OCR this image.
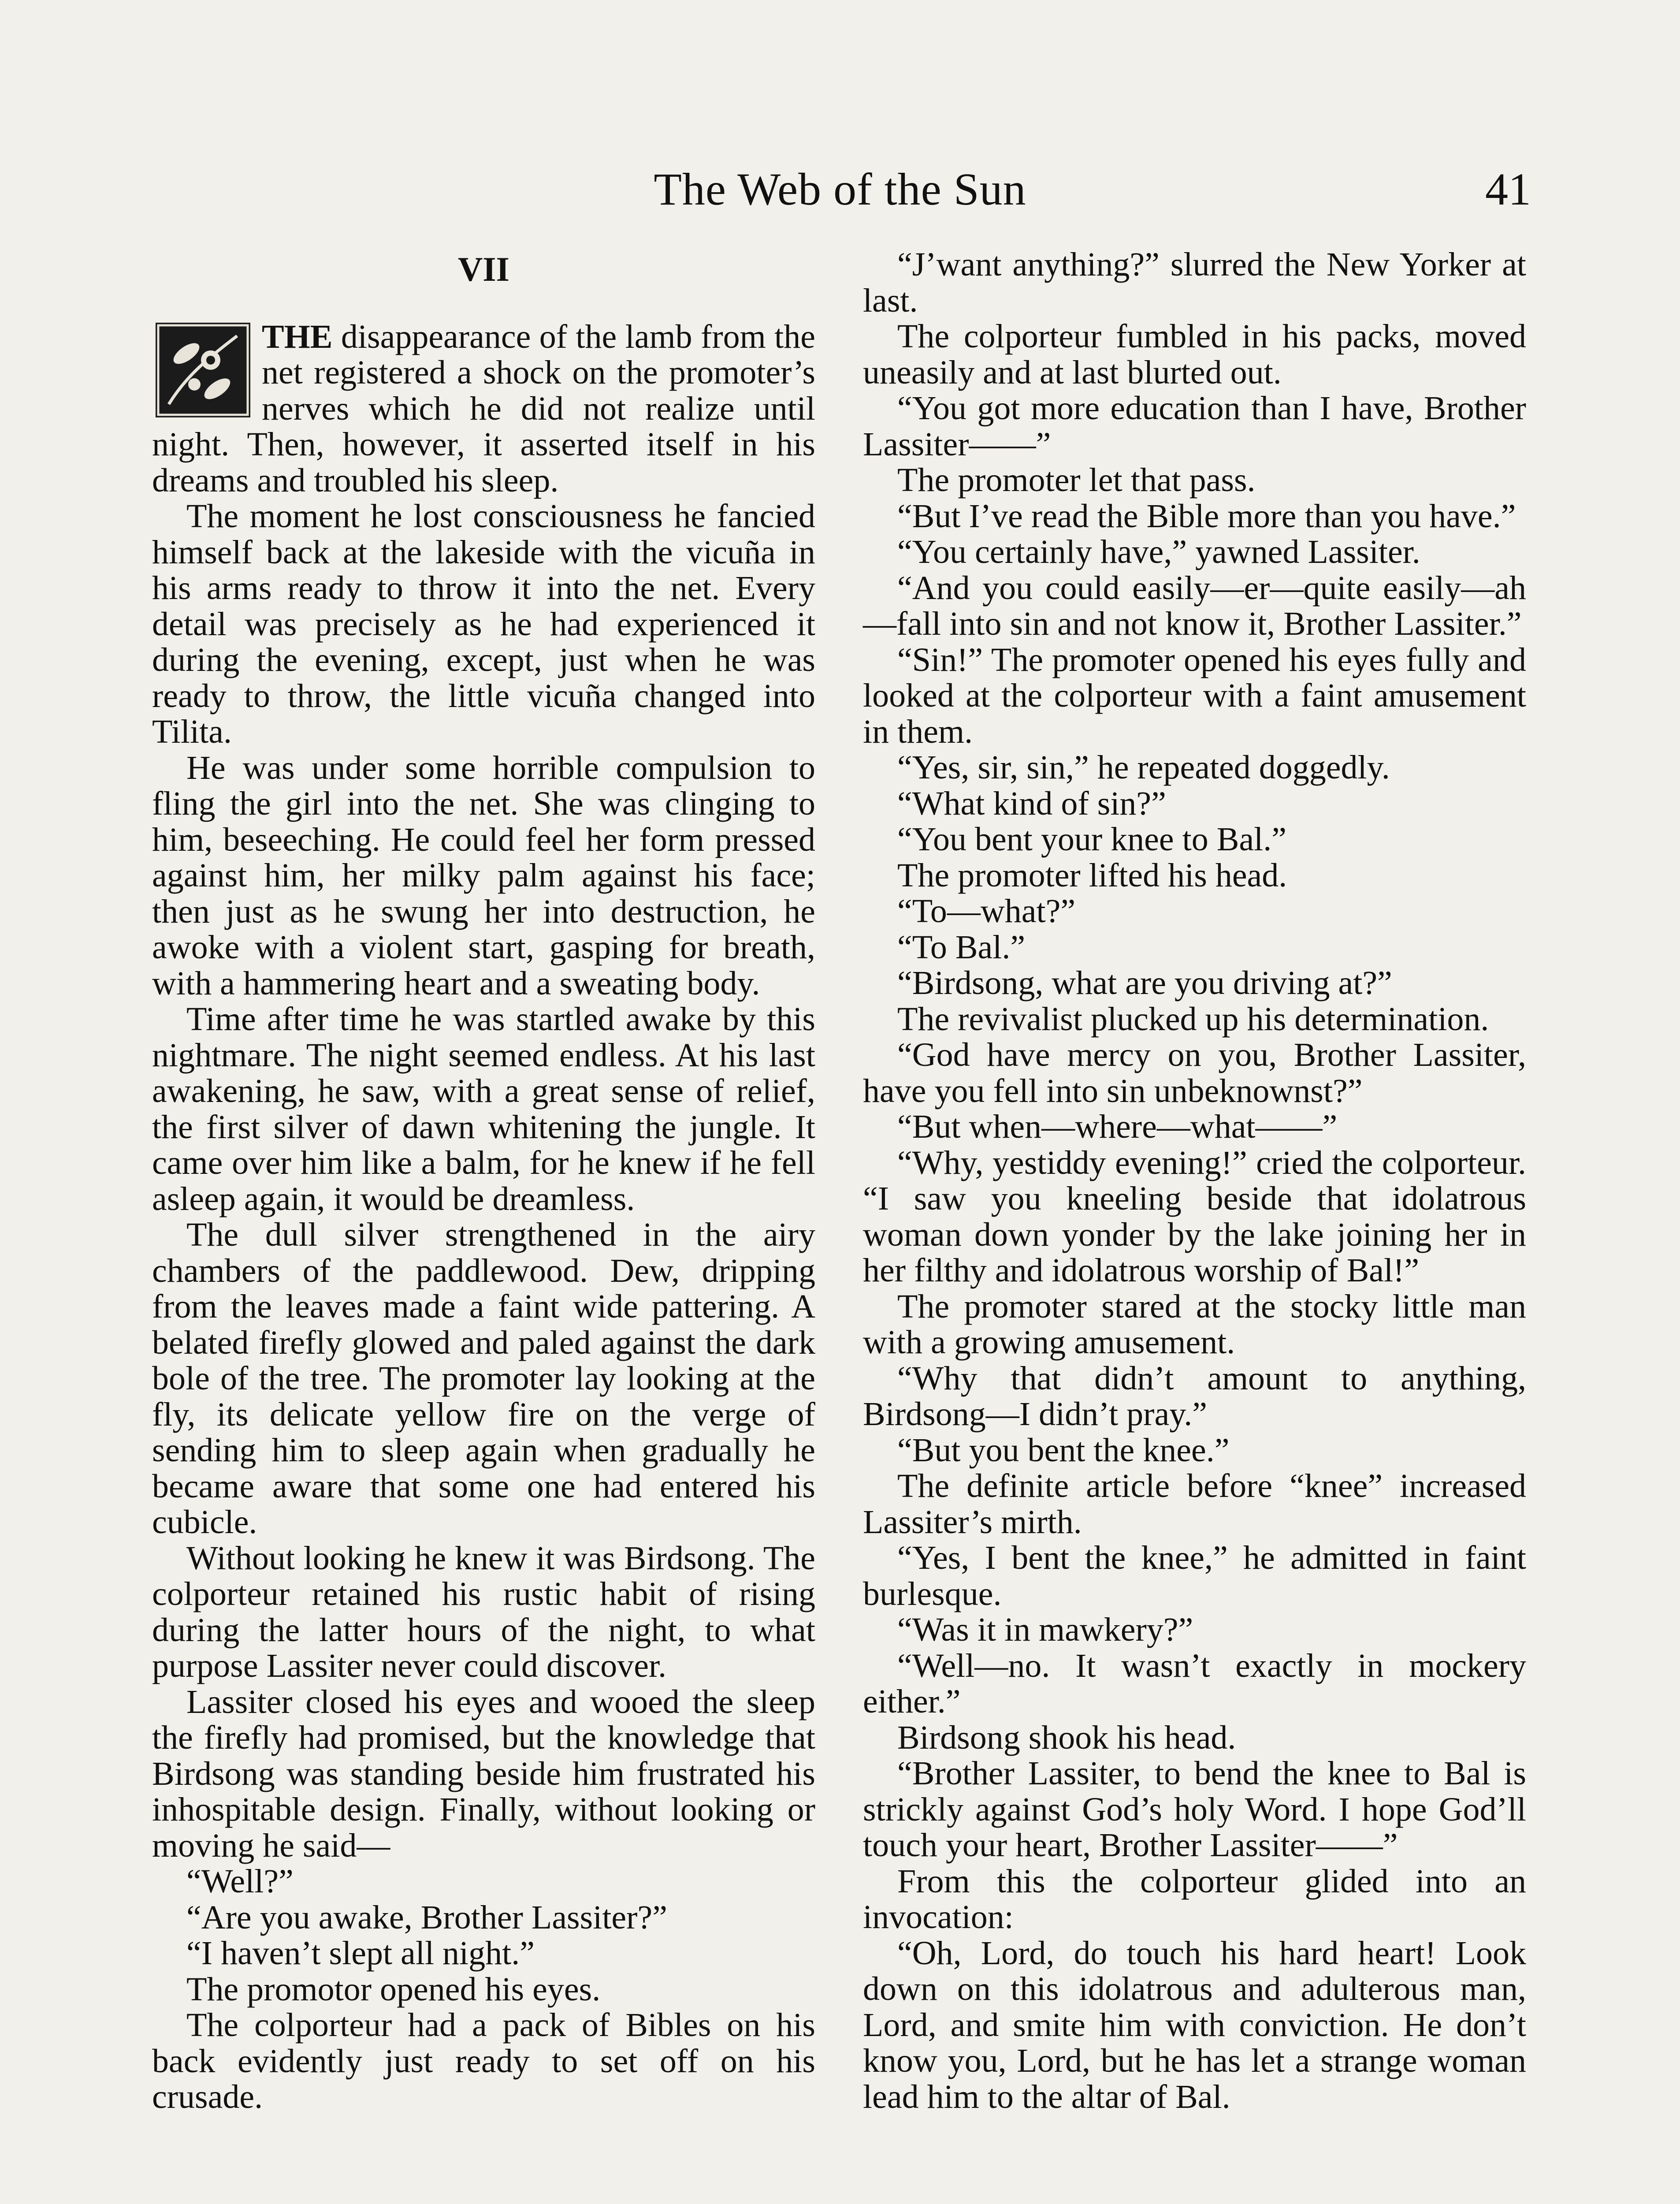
The Web of the Sun	41
VII

THE disappearance of the lamb from the net registered a shock on the promoter’s nerves which he did not realize until night. Then, however, it asserted itself in his dreams and troubled his sleep.

The moment he lost consciousness he fancied himself back at the lakeside with the vicuña in his arms ready to throw it into the net. Every detail was precisely as he had experienced it during the evening, except, just when he was ready to throw, the little vicuña changed into Tilita.

He was under some horrible compulsion to fling the girl into the net. She was clinging to him, beseeching. He could feel her form pressed against him, her milky palm against his face; then just as he swung her into destruction, he awoke with a violent start, gasping for breath, with a hammering heart and a sweating body.

Time after time he was startled awake by this nightmare. The night seemed endless. At his last awakening, he saw, with a great sense of relief, the first silver of dawn whitening the jungle. It came over him like a balm, for he knew if he fell asleep again, it would be dreamless.

The dull silver strengthened in the airy chambers of the paddlewood. Dew, dripping from the leaves made a faint wide pattering. A belated firefly glowed and paled against the dark bole of the tree. The promoter lay looking at the fly, its delicate yellow fire on the verge of sending him to sleep again when gradually he became aware that some one had entered his cubicle.

Without looking he knew it was Birdsong. The colporteur retained his rustic habit of rising during the latter hours of the night, to what purpose Lassiter never could discover.

Lassiter closed his eyes and wooed the sleep the firefly had promised, but the knowledge that Birdsong was standing beside him frustrated his inhospitable design. Finally, without looking or moving he said—

“Well?”

“Are you awake, Brother Lassiter?”

“I haven’t slept all night.”

The promotor opened his eyes.

The colporteur had a pack of Bibles on his back evidently just ready to set off on his crusade.

“J’want anything?” slurred the New Yorker at last.

The colporteur fumbled in his packs, moved uneasily and at last blurted out.

“You got more education than I have, Brother Lassiter——”

The promoter let that pass.

“But I’ve read the Bible more than you have.”

“You certainly have,” yawned Lassiter.

“And you could easily—er—quite easily—ah—fall into sin and not know it, Brother Lassiter.”

“Sin!” The promoter opened his eyes fully and looked at the colporteur with a faint amusement in them.

“Yes, sir, sin,” he repeated doggedly.

“What kind of sin?”

“You bent your knee to Bal.”

The promoter lifted his head.

“To—what?”

“To Bal.”

“Birdsong, what are you driving at?”

The revivalist plucked up his determination.

“God have mercy on you, Brother Lassiter, have you fell into sin unbeknownst?”

“But when—where—what——”

“Why, yestiddy evening!” cried the colporteur. “I saw you kneeling beside that idolatrous woman down yonder by the lake joining her in her filthy and idolatrous worship of Bal!”

The promoter stared at the stocky little man with a growing amusement.

“Why that didn’t amount to anything, Birdsong—I didn’t pray.”

“But you bent the knee.”

The definite article before “knee” increased Lassiter’s mirth.

“Yes, I bent the knee,” he admitted in faint burlesque.

“Was it in mawkery?”

“Well—no. It wasn’t exactly in mockery either.”

Birdsong shook his head.

“Brother Lassiter, to bend the knee to Bal is strickly against God’s holy Word. I hope God’ll touch your heart, Brother Lassiter——”

From this the colporteur glided into an invocation:

“Oh, Lord, do touch his hard heart! Look down on this idolatrous and adulterous man, Lord, and smite him with conviction. He don’t know you, Lord, but he has let a strange woman lead him to the altar of Bal.
